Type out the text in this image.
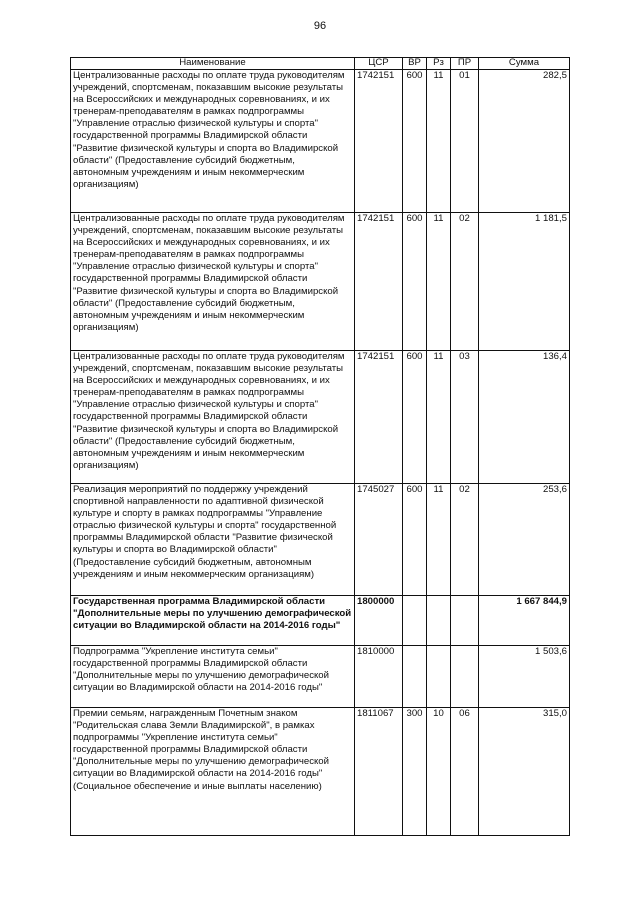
96
Наименование	ЦСР	ВР	Рз	ПР	Сумма
Централизованные расходы по оплате труда руководителям учреждений, спортсменам, показавшим высокие результаты на Всероссийских и международных соревнованиях, и их тренерам-преподавателям в рамках подпрограммы "Управление отраслью физической культуры и спорта" государственной программы Владимирской области "Развитие физической культуры и спорта во Владимирской области" (Предоставление субсидий бюджетным, автономным учреждениям и иным некоммерческим организациям)	1742151	600	11	01	282,5
Централизованные расходы по оплате труда руководителям учреждений, спортсменам, показавшим высокие результаты на Всероссийских и международных соревнованиях, и их тренерам-преподавателям в рамках подпрограммы "Управление отраслью физической культуры и спорта" государственной программы Владимирской области "Развитие физической культуры и спорта во Владимирской области" (Предоставление субсидий бюджетным, автономным учреждениям и иным некоммерческим организациям)	1742151	600	11	02	1 181,5
Централизованные расходы по оплате труда руководителям учреждений, спортсменам, показавшим высокие результаты на Всероссийских и международных соревнованиях, и их тренерам-преподавателям в рамках подпрограммы "Управление отраслью физической культуры и спорта" государственной программы Владимирской области "Развитие физической культуры и спорта во Владимирской области" (Предоставление субсидий бюджетным, автономным учреждениям и иным некоммерческим организациям)	1742151	600	11	03	136,4
Реализация мероприятий по поддержку учреждений спортивной направленности по адаптивной физической культуре и спорту в рамках подпрограммы "Управление отраслью физической культуры и спорта" государственной программы Владимирской области "Развитие физической культуры и спорта во Владимирской области" (Предоставление субсидий бюджетным, автономным учреждениям и иным некоммерческим организациям)	1745027	600	11	02	253,6
Государственная программа Владимирской области "Дополнительные меры по улучшению демографической ситуации во Владимирской области на 2014-2016 годы"	1800000				1 667 844,9
Подпрограмма "Укрепление института семьи" государственной программы Владимирской области "Дополнительные меры по улучшению демографической ситуации во Владимирской области на 2014-2016 годы"	1810000				1 503,6
Премии семьям, награжденным Почетным знаком "Родительская слава Земли Владимирской", в рамках подпрограммы "Укрепление института семьи" государственной программы Владимирской области "Дополнительные меры по улучшению демографической ситуации во Владимирской области на 2014-2016 годы" (Социальное обеспечение и иные выплаты населению)	1811067	300	10	06	315,0
